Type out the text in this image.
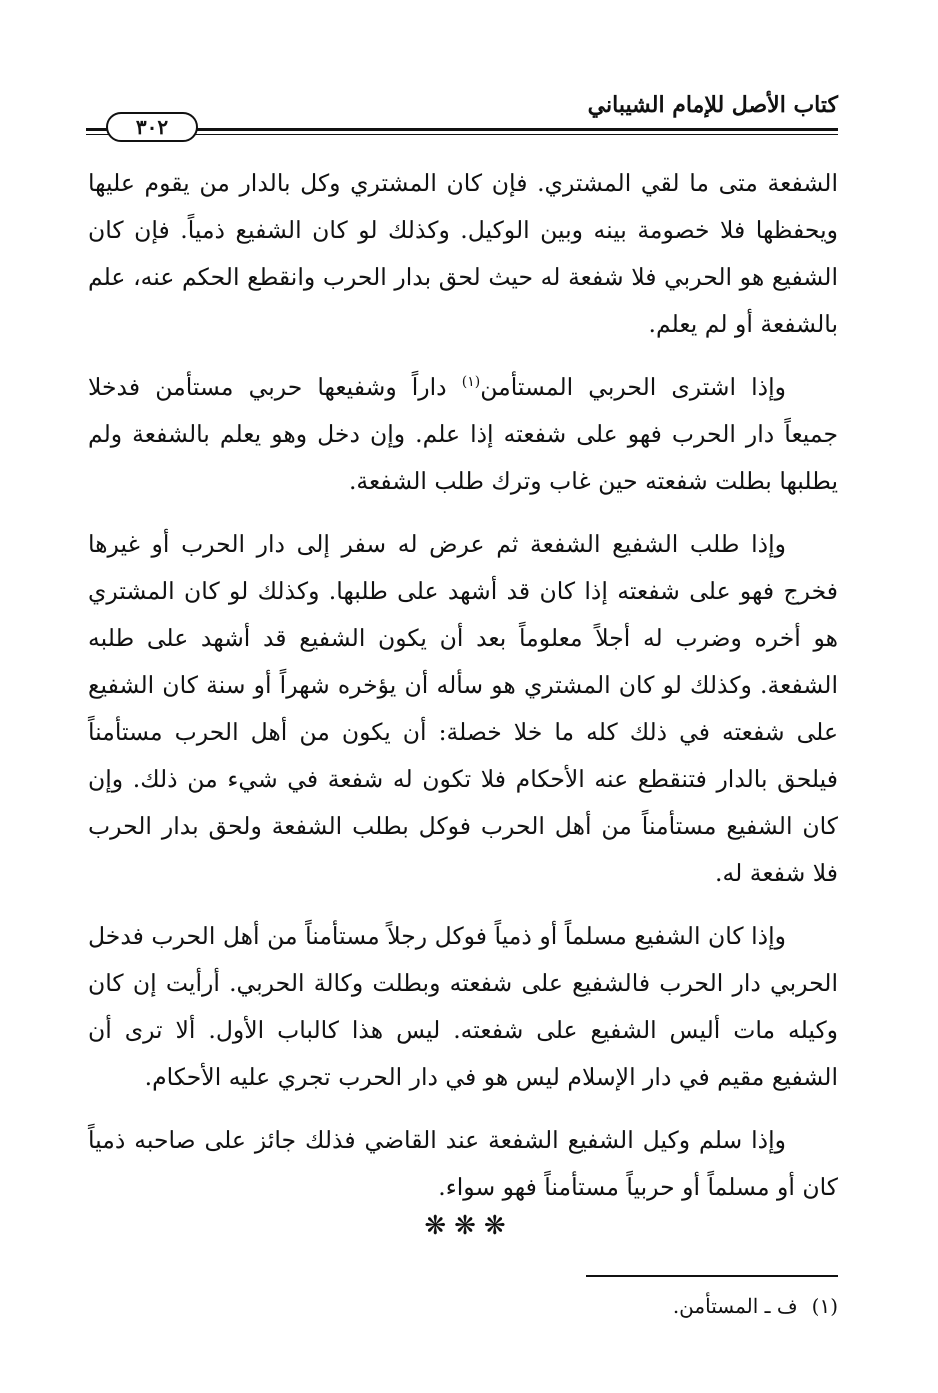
كتاب الأصل للإمام الشيباني
٣٠٢

الشفعة متى ما لقي المشتري. فإن كان المشتري وكل بالدار من يقوم عليها ويحفظها فلا خصومة بينه وبين الوكيل. وكذلك لو كان الشفيع ذمياً. فإن كان الشفيع هو الحربي فلا شفعة له حيث لحق بدار الحرب وانقطع الحكم عنه، علم بالشفعة أو لم يعلم.

وإذا اشترى الحربي المستأمن$^{(١)}$ داراً وشفيعها حربي مستأمن فدخلا جميعاً دار الحرب فهو على شفعته إذا علم. وإن دخل وهو يعلم بالشفعة ولم يطلبها بطلت شفعته حين غاب وترك طلب الشفعة.

وإذا طلب الشفيع الشفعة ثم عرض له سفر إلى دار الحرب أو غيرها فخرج فهو على شفعته إذا كان قد أشهد على طلبها. وكذلك لو كان المشتري هو أخره وضرب له أجلاً معلوماً بعد أن يكون الشفيع قد أشهد على طلبه الشفعة. وكذلك لو كان المشتري هو سأله أن يؤخره شهراً أو سنة كان الشفيع على شفعته في ذلك كله ما خلا خصلة: أن يكون من أهل الحرب مستأمناً فيلحق بالدار فتنقطع عنه الأحكام فلا تكون له شفعة في شيء من ذلك. وإن كان الشفيع مستأمناً من أهل الحرب فوكل بطلب الشفعة ولحق بدار الحرب فلا شفعة له.

وإذا كان الشفيع مسلماً أو ذمياً فوكل رجلاً مستأمناً من أهل الحرب فدخل الحربي دار الحرب فالشفيع على شفعته وبطلت وكالة الحربي. أرأيت إن كان وكيله مات أليس الشفيع على شفعته. ليس هذا كالباب الأول. ألا ترى أن الشفيع مقيم في دار الإسلام ليس هو في دار الحرب تجري عليه الأحكام.

وإذا سلم وكيل الشفيع الشفعة عند القاضي فذلك جائز على صاحبه ذمياً كان أو مسلماً أو حربياً مستأمناً فهو سواء.

❋❋❋
(١)ف ـ المستأمن.
